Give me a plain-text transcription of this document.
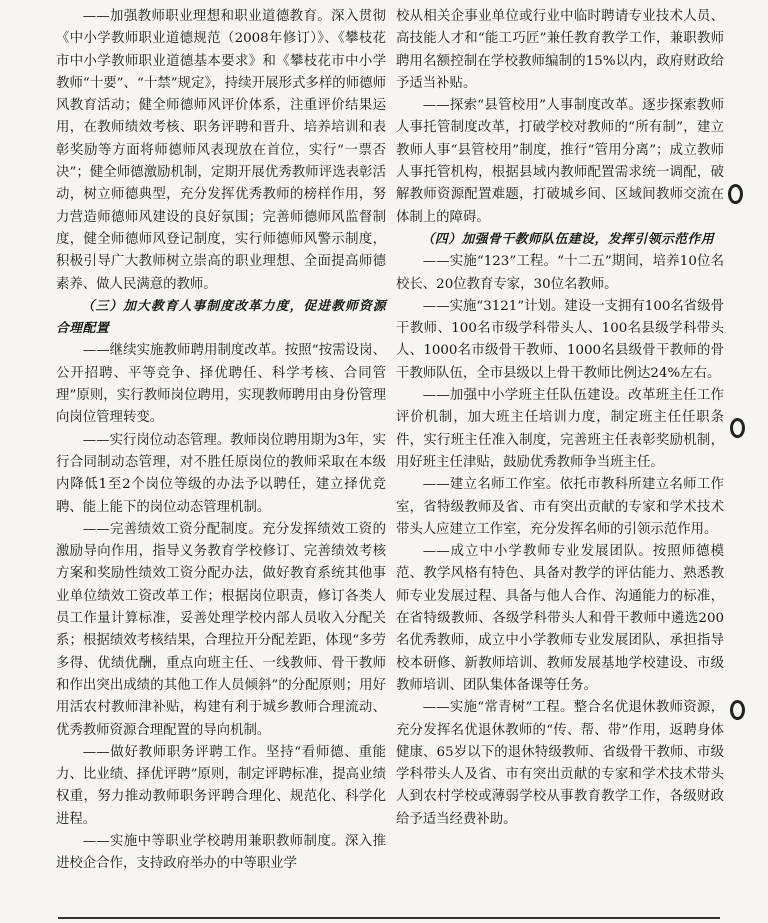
——加强教师职业理想和职业道德教育。深入贯彻《中小学教师职业道德规范（2008年修订）》、《攀枝花市中小学教师职业道德基本要求》和《攀枝花市中小学教师“十要”、“十禁”规定》，持续开展形式多样的师德师风教育活动；健全师德师风评价体系，注重评价结果运用，在教师绩效考核、职务评聘和晋升、培养培训和表彰奖励等方面将师德师风表现放在首位，实行“一票否决”；健全师德激励机制，定期开展优秀教师评选表彰活动，树立师德典型，充分发挥优秀教师的榜样作用，努力营造师德师风建设的良好氛围；完善师德师风监督制度，健全师德师风登记制度，实行师德师风警示制度，积极引导广大教师树立崇高的职业理想、全面提高师德素养、做人民满意的教师。

（三）加大教育人事制度改革力度，促进教师资源合理配置

——继续实施教师聘用制度改革。按照“按需设岗、公开招聘、平等竞争、择优聘任、科学考核、合同管理”原则，实行教师岗位聘用，实现教师聘用由身份管理向岗位管理转变。

——实行岗位动态管理。教师岗位聘用期为3年，实行合同制动态管理，对不胜任原岗位的教师采取在本级内降低1至2个岗位等级的办法予以聘任，建立择优竞聘、能上能下的岗位动态管理机制。

——完善绩效工资分配制度。充分发挥绩效工资的激励导向作用，指导义务教育学校修订、完善绩效考核方案和奖励性绩效工资分配办法，做好教育系统其他事业单位绩效工资改革工作；根据岗位职责，修订各类人员工作量计算标准，妥善处理学校内部人员收入分配关系；根据绩效考核结果，合理拉开分配差距，体现“多劳多得、优绩优酬，重点向班主任、一线教师、骨干教师和作出突出成绩的其他工作人员倾斜”的分配原则；用好用活农村教师津补贴，构建有利于城乡教师合理流动、优秀教师资源合理配置的导向机制。

——做好教师职务评聘工作。坚持“看师德、重能力、比业绩、择优评聘”原则，制定评聘标准，提高业绩权重，努力推动教师职务评聘合理化、规范化、科学化进程。

——实施中等职业学校聘用兼职教师制度。深入推进校企合作，支持政府举办的中等职业学

校从相关企事业单位或行业中临时聘请专业技术人员、高技能人才和“能工巧匠”兼任教育教学工作，兼职教师聘用名额控制在学校教师编制的15%以内，政府财政给予适当补贴。

——探索“县管校用”人事制度改革。逐步探索教师人事托管制度改革，打破学校对教师的“所有制”，建立教师人事“县管校用”制度，推行“管用分离”；成立教师人事托管机构，根据县域内教师配置需求统一调配，破解教师资源配置难题，打破城乡间、区域间教师交流在体制上的障碍。

（四）加强骨干教师队伍建设，发挥引领示范作用

——实施“123”工程。“十二五”期间，培养10位名校长、20位教育专家，30位名教师。

——实施“3121”计划。建设一支拥有100名省级骨干教师、100名市级学科带头人、100名县级学科带头人、1000名市级骨干教师、1000名县级骨干教师的骨干教师队伍，全市县级以上骨干教师比例达24%左右。

——加强中小学班主任队伍建设。改革班主任工作评价机制，加大班主任培训力度，制定班主任任职条件，实行班主任准入制度，完善班主任表彰奖励机制，用好班主任津贴，鼓励优秀教师争当班主任。

——建立名师工作室。依托市教科所建立名师工作室，省特级教师及省、市有突出贡献的专家和学术技术带头人应建立工作室，充分发挥名师的引领示范作用。

——成立中小学教师专业发展团队。按照师德模范、教学风格有特色、具备对教学的评估能力、熟悉教师专业发展过程、具备与他人合作、沟通能力的标准，在省特级教师、各级学科带头人和骨干教师中遴选200名优秀教师，成立中小学教师专业发展团队，承担指导校本研修、新教师培训、教师发展基地学校建设、市级教师培训、团队集体备课等任务。

——实施“常青树”工程。整合名优退休教师资源，充分发挥名优退休教师的“传、帮、带”作用，返聘身体健康、65岁以下的退休特级教师、省级骨干教师、市级学科带头人及省、市有突出贡献的专家和学术技术带头人到农村学校或薄弱学校从事教育教学工作，各级财政给予适当经费补助。
